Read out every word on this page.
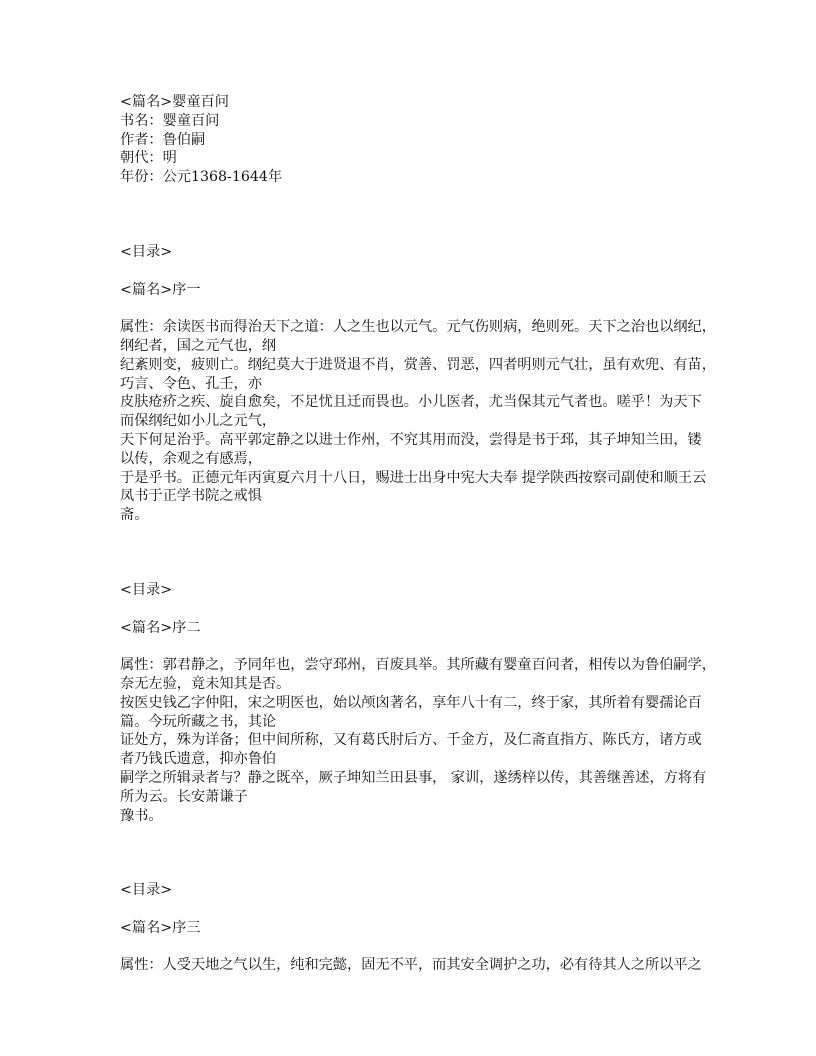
<篇名>婴童百问
书名：婴童百问
作者：鲁伯嗣
朝代：明
年份：公元1368-1644年
<目录>
<篇名>序一
属性：余读医书而得治天下之道：人之生也以元气。元气伤则病，绝则死。天下之治也以纲纪，
纲纪者，国之元气也，纲
纪紊则变，疲则亡。纲纪莫大于进贤退不肖，赏善、罚恶，四者明则元气壮，虽有欢兜、有苗，
巧言、令色、孔壬，亦
皮肤疮疥之疾、旋自愈矣，不足忧且迁而畏也。小儿医者，尤当保其元气者也。嗟乎！为天下
而保纲纪如小儿之元气，
天下何足治乎。高平郭定静之以进士作州，不究其用而没，尝得是书于邳，其子坤知兰田，镂
以传，余观之有感焉，
于是乎书。正德元年丙寅夏六月十八日，赐进士出身中宪大夫奉 提学陕西按察司副使和顺王云
凤书于正学书院之戒惧
斋。
<目录>
<篇名>序二
属性：郭君静之，予同年也，尝守邳州，百废具举。其所藏有婴童百问者，相传以为鲁伯嗣学，
奈无左验，竟未知其是否。
按医史钱乙字仲阳，宋之明医也，始以颅囟著名，享年八十有二，终于家，其所着有婴孺论百
篇。今玩所藏之书，其论
证处方，殊为详备；但中间所称，又有葛氏肘后方、千金方，及仁斋直指方、陈氏方，诸方或
者乃钱氏遗意，抑亦鲁伯
嗣学之所辑录者与？静之既卒，厥子坤知兰田县事， 家训，遂绣梓以传，其善继善述，方将有
所为云。长安萧谦子
豫书。
<目录>
<篇名>序三
属性：人受天地之气以生，纯和完懿，固无不平，而其安全调护之功，必有待其人之所以平之
